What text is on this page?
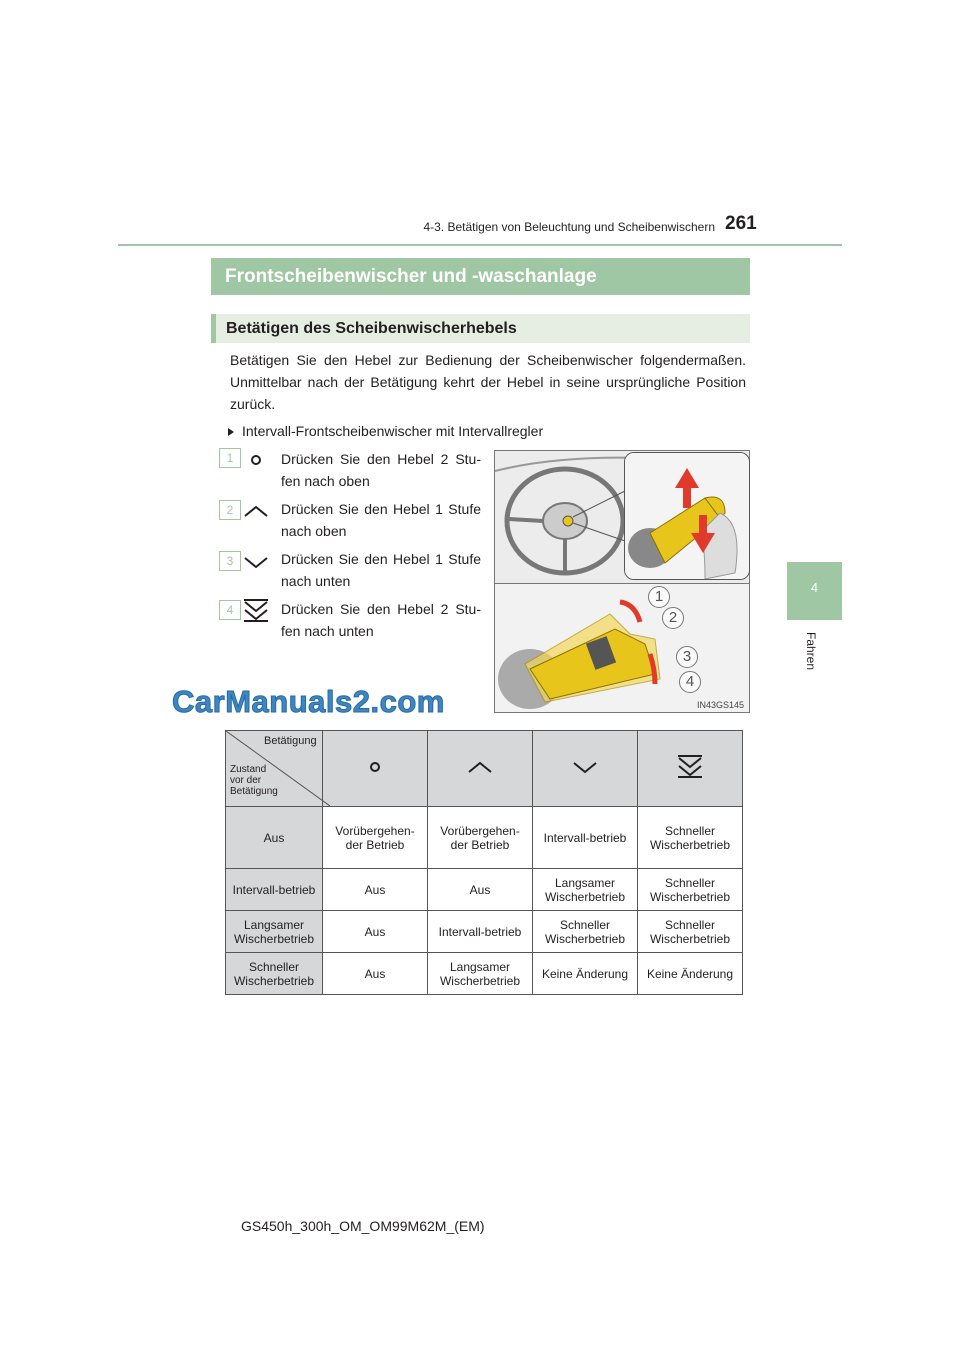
4-3. Betätigen von Beleuchtung und Scheibenwischern 261
4
Fahren
Frontscheibenwischer und -waschanlage
Betätigen des Scheibenwischerhebels
Betätigen Sie den Hebel zur Bedienung der Scheibenwischer folgendermaßen. Unmittelbar nach der Betätigung kehrt der Hebel in seine ursprüngliche Position zurück.
Intervall-Frontscheibenwischer mit Intervallregler
1	Drücken Sie den Hebel 2 Stu-fen nach oben
2	Drücken Sie den Hebel 1 Stufe nach oben
3	Drücken Sie den Hebel 1 Stufe nach unten
4	Drücken Sie den Hebel 2 Stu-fen nach unten
1
2
3
4
IN43GS145
CarManuals2.com
Betätigung
Zustand vor der Betätigung

Aus	Vorübergehen-der Betrieb	Vorübergehen-der Betrieb	Intervall-betrieb	Schneller Wischerbetrieb
Intervall-betrieb	Aus	Aus	Langsamer Wischerbetrieb	Schneller Wischerbetrieb
Langsamer Wischerbetrieb	Aus	Intervall-betrieb	Schneller Wischerbetrieb	Schneller Wischerbetrieb
Schneller Wischerbetrieb	Aus	Langsamer Wischerbetrieb	Keine Änderung	Keine Änderung
GS450h_300h_OM_OM99M62M_(EM)
